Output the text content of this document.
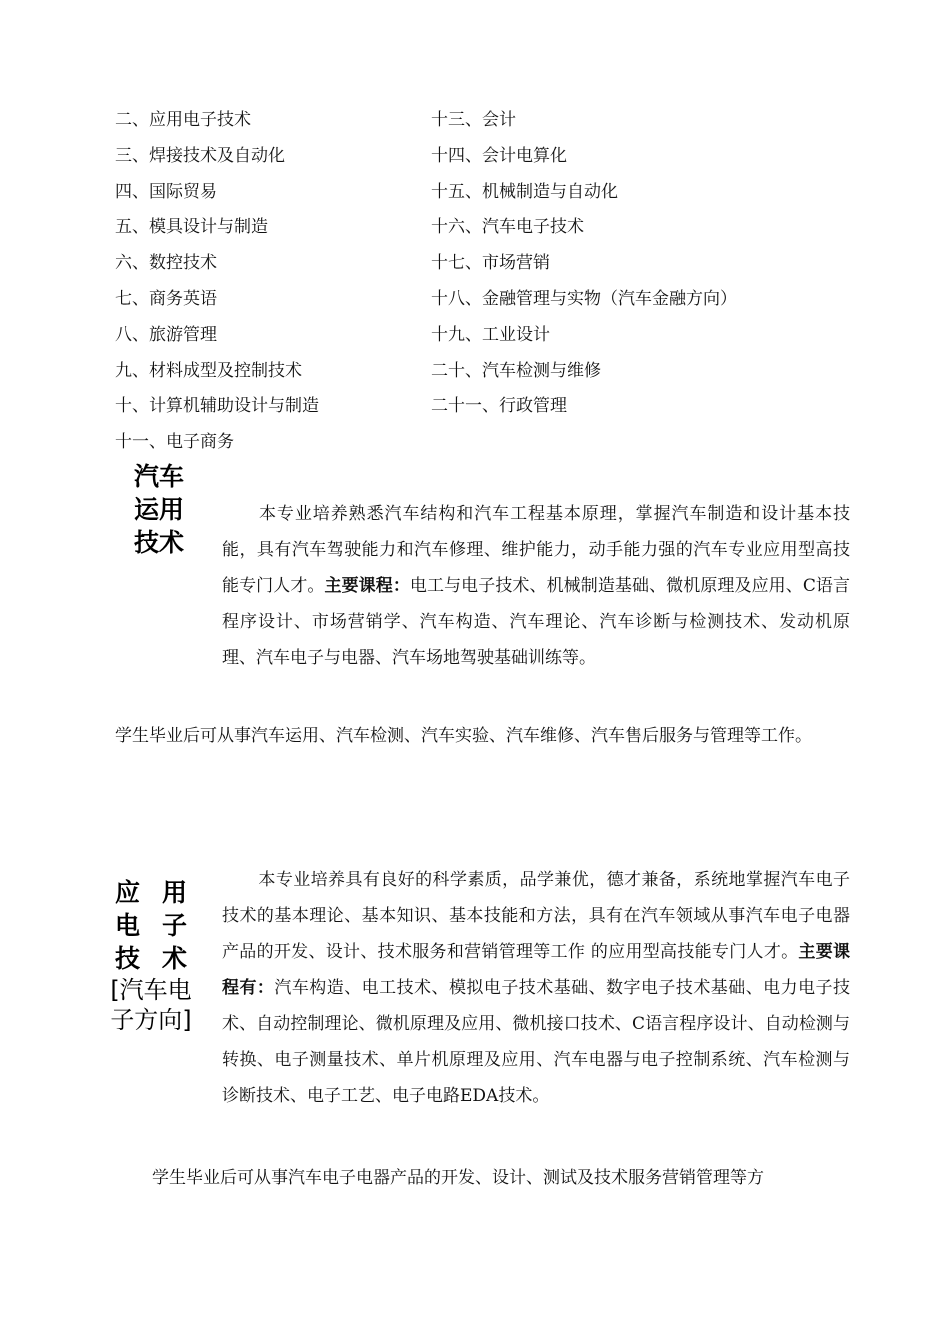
二、应用电子技术	十三、会计
三、焊接技术及自动化	十四、会计电算化
四、国际贸易	十五、机械制造与自动化
五、模具设计与制造	十六、汽车电子技术
六、数控技术	十七、市场营销
七、商务英语	十八、金融管理与实物（汽车金融方向）
八、旅游管理	十九、工业设计
九、材料成型及控制技术	二十、汽车检测与维修
十、计算机辅助设计与制造	二十一、行政管理
十一、电子商务
汽车
运用
技术
本专业培养熟悉汽车结构和汽车工程基本原理，掌握汽车制造和设计基本技能，具有汽车驾驶能力和汽车修理、维护能力，动手能力强的汽车专业应用型高技能专门人才。主要课程：电工与电子技术、机械制造基础、微机原理及应用、C语言程序设计、市场营销学、汽车构造、汽车理论、汽车诊断与检测技术、发动机原理、汽车电子与电器、汽车场地驾驶基础训练等。
学生毕业后可从事汽车运用、汽车检测、汽车实验、汽车维修、汽车售后服务与管理等工作。
应 用
电 子
技 术
[汽车电
子方向]
本专业培养具有良好的科学素质，品学兼优，德才兼备，系统地掌握汽车电子技术的基本理论、基本知识、基本技能和方法，具有在汽车领域从事汽车电子电器产品的开发、设计、技术服务和营销管理等工作 的应用型高技能专门人才。主要课程有：汽车构造、电工技术、模拟电子技术基础、数字电子技术基础、电力电子技术、自动控制理论、微机原理及应用、微机接口技术、C语言程序设计、自动检测与转换、电子测量技术、单片机原理及应用、汽车电器与电子控制系统、汽车检测与诊断技术、电子工艺、电子电路EDA技术。
学生毕业后可从事汽车电子电器产品的开发、设计、测试及技术服务营销管理等方
